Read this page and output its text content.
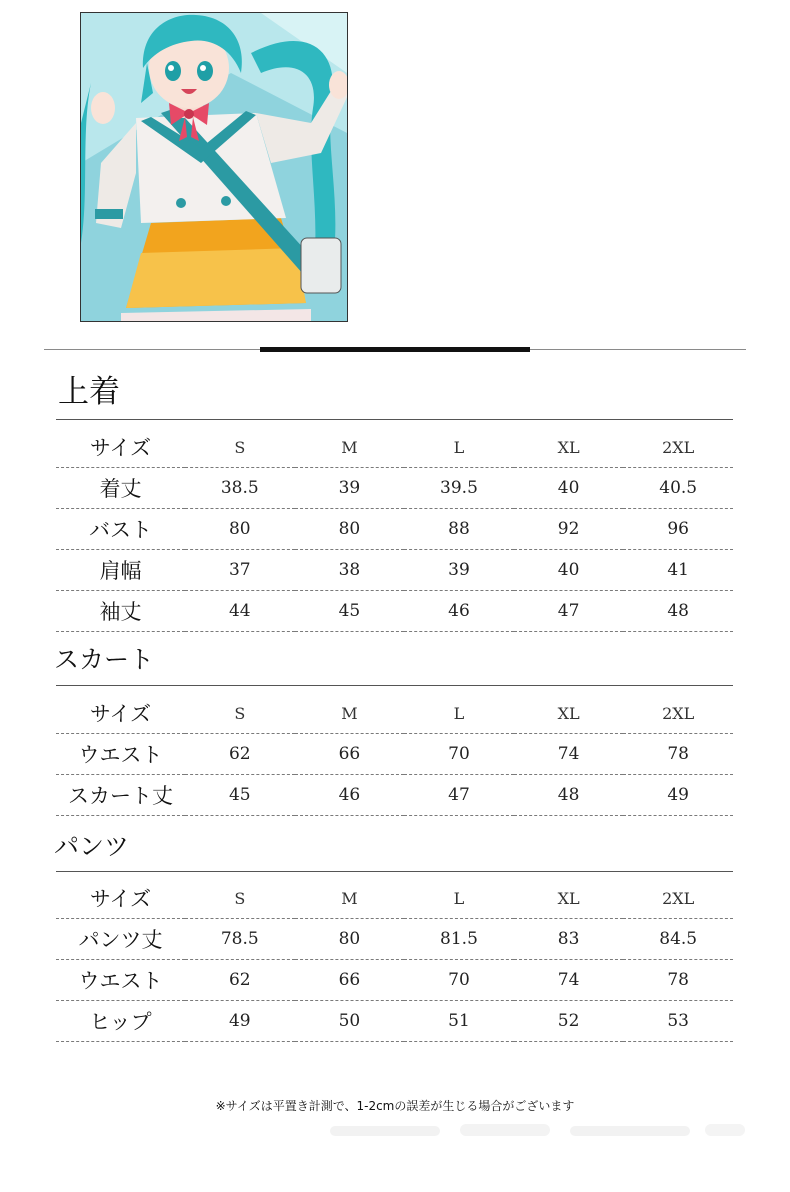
上着
サイズ	S	M	L	XL	2XL
着丈	38.5	39	39.5	40	40.5
バスト	80	80	88	92	96
肩幅	37	38	39	40	41
袖丈	44	45	46	47	48
スカート
サイズ	S	M	L	XL	2XL
ウエスト	62	66	70	74	78
スカート丈	45	46	47	48	49
パンツ
サイズ	S	M	L	XL	2XL
パンツ丈	78.5	80	81.5	83	84.5
ウエスト	62	66	70	74	78
ヒップ	49	50	51	52	53
※サイズは平置き計測で、1-2cmの誤差が生じる場合がございます
